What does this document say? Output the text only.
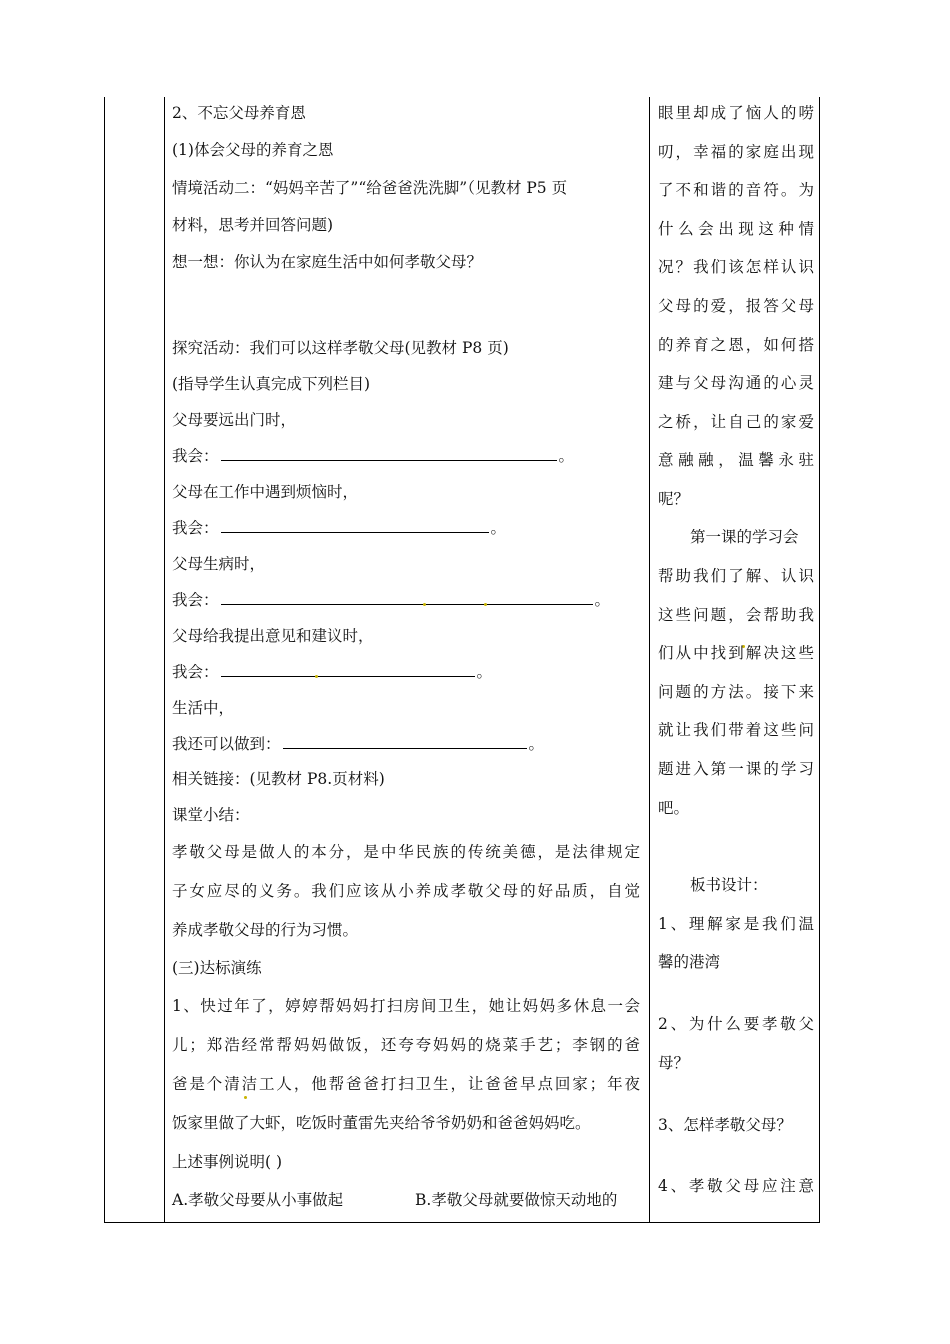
2、不忘父母养育恩
(1)体会父母的养育之恩
情境活动二：“妈妈辛苦了”“给爸爸洗洗脚”（见教材 P5 页
材料，思考并回答问题)
想一想：你认为在家庭生活中如何孝敬父母？
探究活动：我们可以这样孝敬父母(见教材 P8 页)
(指导学生认真完成下列栏目)
父母要远出门时，
我会：	。
父母在工作中遇到烦恼时，
我会：	。
父母生病时，
我会：	。
父母给我提出意见和建议时，
我会：	。
生活中，
我还可以做到：	。
相关链接：(见教材 P8.页材料)
课堂小结：
孝敬父母是做人的本分，是中华民族的传统美德，是法律规定
子女应尽的义务。我们应该从小养成孝敬父母的好品质，自觉
养成孝敬父母的行为习惯。
(三)达标演练
1、快过年了，婷婷帮妈妈打扫房间卫生，她让妈妈多休息一会
儿；郑浩经常帮妈妈做饭，还夸夸妈妈的烧菜手艺；李钢的爸
爸是个清洁工人，他帮爸爸打扫卫生，让爸爸早点回家；年夜
饭家里做了大虾，吃饭时董雷先夹给爷爷奶奶和爸爸妈妈吃。
上述事例说明( )
A.孝敬父母要从小事做起	B.孝敬父母就要做惊天动地的
眼里却成了恼人的唠
叨，幸福的家庭出现
了不和谐的音符。为
什么会出现这种情
况？我们该怎样认识
父母的爱，报答父母
的养育之恩，如何搭
建与父母沟通的心灵
之桥，让自己的家爱
意融融，温馨永驻
呢？
第一课的学习会
帮助我们了解、认识
这些问题，会帮助我
们从中找到解决这些
问题的方法。接下来
就让我们带着这些问
题进入第一课的学习
吧。
板书设计：
1、理解家是我们温
馨的港湾
2、为什么要孝敬父
母？
3、怎样孝敬父母？
4、孝敬父母应注意
